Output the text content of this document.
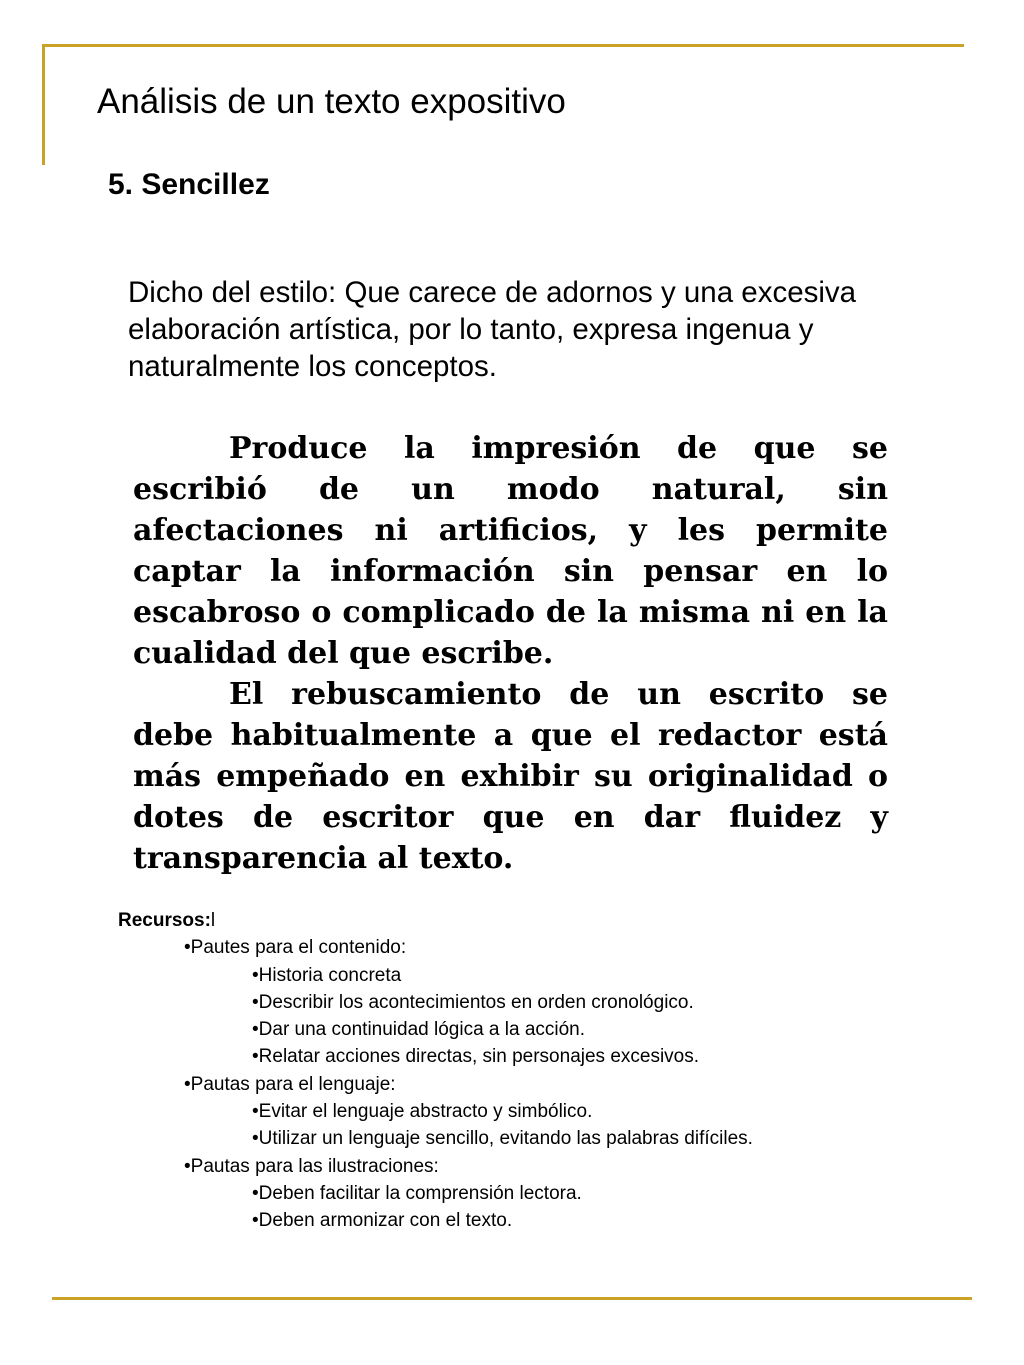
Análisis de un texto expositivo
5. Sencillez

Dicho del estilo: Que carece de adornos y una excesiva elaboración artística, por lo tanto, expresa ingenua y naturalmente los conceptos.

Produce la impresión de que se escribió de un modo natural, sin afectaciones ni artificios, y les permite captar la información sin pensar en lo escabroso o complicado de la misma ni en la cualidad del que escribe.

El rebuscamiento de un escrito se debe habitualmente a que el redactor está más empeñado en exhibir su originalidad o dotes de escritor que en dar fluidez y transparencia al texto.

Recursos:l
•Pautes para el contenido:
•Historia concreta
•Describir los acontecimientos en orden cronológico.
•Dar una continuidad lógica a la acción.
•Relatar acciones directas, sin personajes excesivos.
•Pautas para el lenguaje:
•Evitar el lenguaje abstracto y simbólico.
•Utilizar un lenguaje sencillo, evitando las palabras difíciles.
•Pautas para las ilustraciones:
•Deben facilitar la comprensión lectora.
•Deben armonizar con el texto.
